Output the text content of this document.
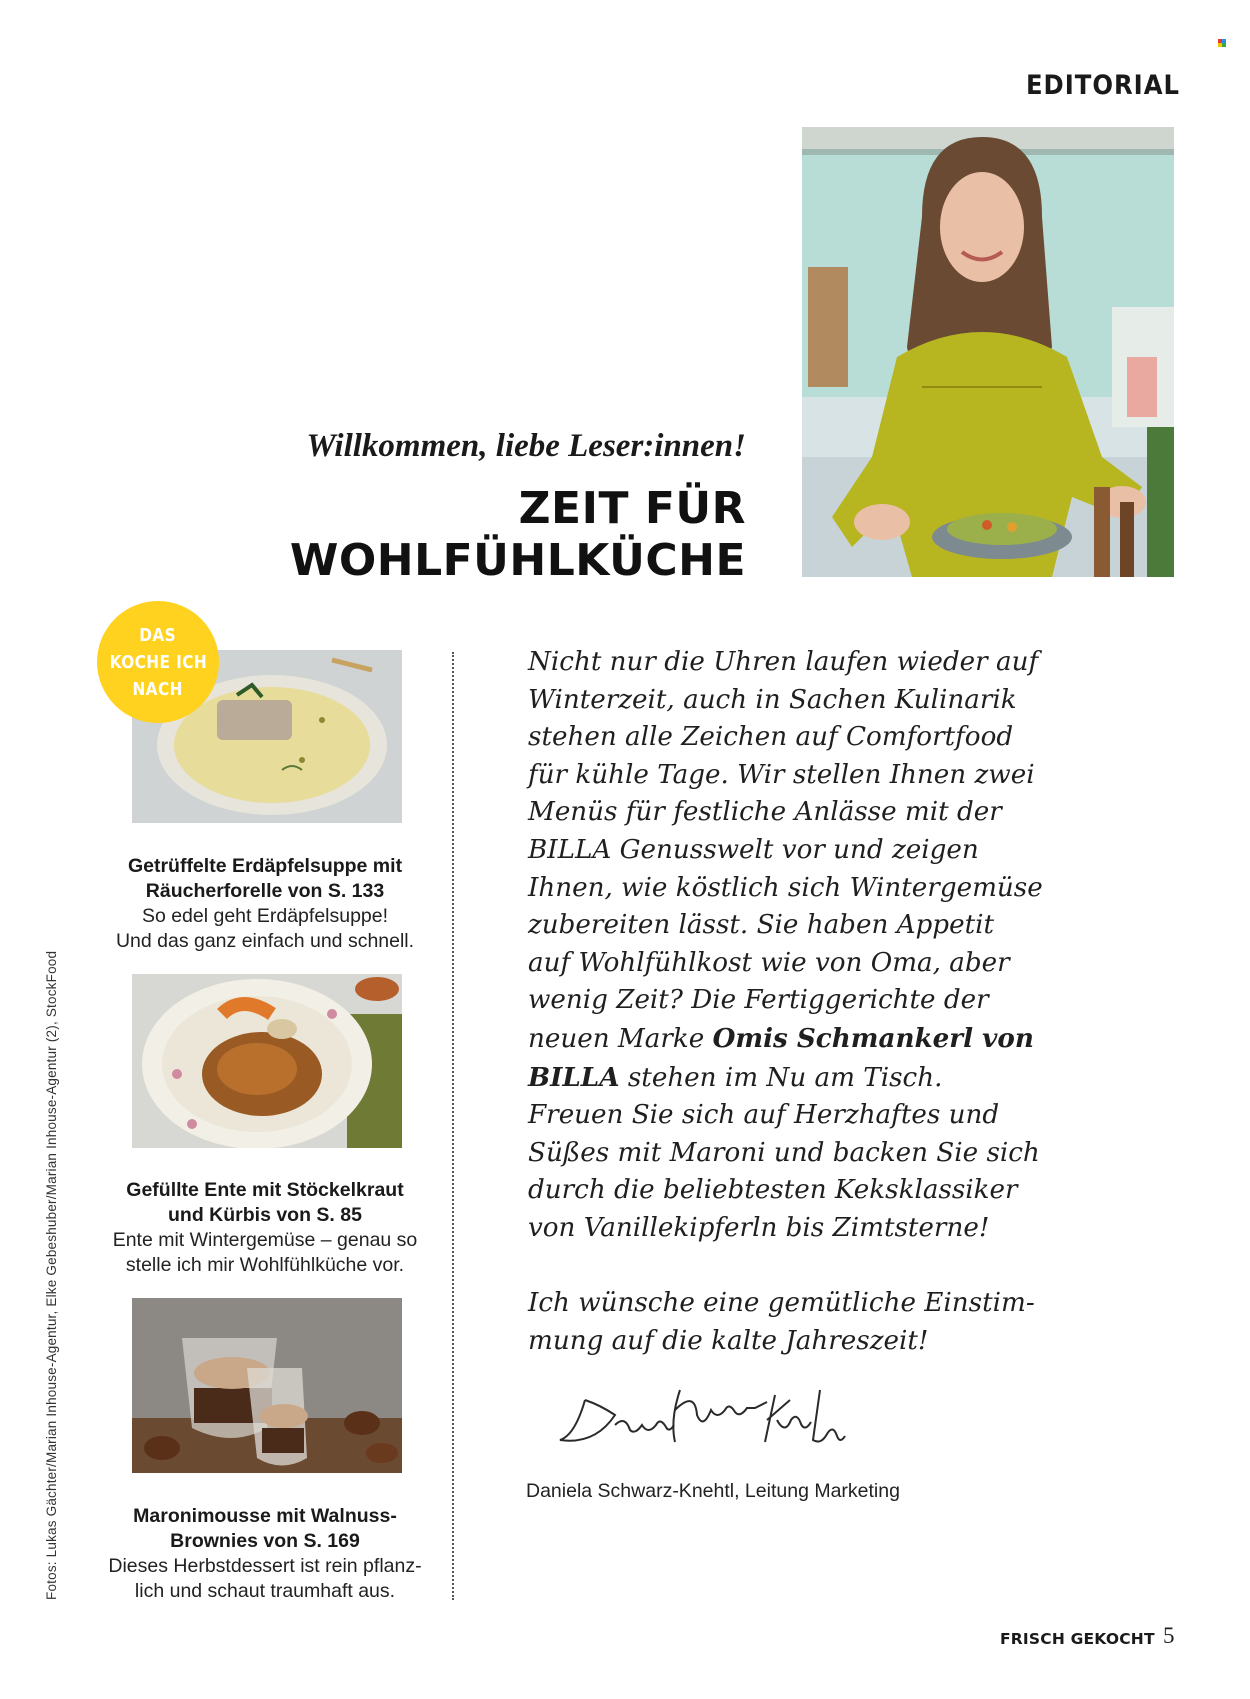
EDITORIAL
Willkommen, liebe Leser:innen!
ZEIT FÜR
WOHLFÜHLKÜCHE
DAS
KOCHE ICH
NACH
Getrüffelte Erdäpfelsuppe mit
Räucherforelle von S. 133
So edel geht Erdäpfelsuppe!
Und das ganz einfach und schnell.
Gefüllte Ente mit Stöckelkraut
und Kürbis von S. 85
Ente mit Wintergemüse – genau so
stelle ich mir Wohlfühlküche vor.
Maronimousse mit Walnuss-
Brownies von S. 169
Dieses Herbstdessert ist rein pflanz-
lich und schaut traumhaft aus.
Fotos: Lukas Gächter/Marian Inhouse-Agentur, Elke Gebeshuber/Marian Inhouse-Agentur (2), StockFood
Nicht nur die Uhren laufen wieder auf
Winterzeit, auch in Sachen Kulinarik
stehen alle Zeichen auf Comfortfood
für kühle Tage. Wir stellen Ihnen zwei
Menüs für festliche Anlässe mit der
BILLA Genusswelt vor und zeigen
Ihnen, wie köstlich sich Wintergemüse
zubereiten lässt. Sie haben Appetit
auf Wohlfühlkost wie von Oma, aber
wenig Zeit? Die Fertiggerichte der
neuen Marke Omis Schmankerl von
BILLA stehen im Nu am Tisch.
Freuen Sie sich auf Herzhaftes und
Süßes mit Maroni und backen Sie sich
durch die beliebtesten Keksklassiker
von Vanillekipferln bis Zimtsterne!
Ich wünsche eine gemütliche Einstim-
mung auf die kalte Jahreszeit!
Daniela Schwarz-Knehtl, Leitung Marketing
FRISCH GEKOCHT 5
